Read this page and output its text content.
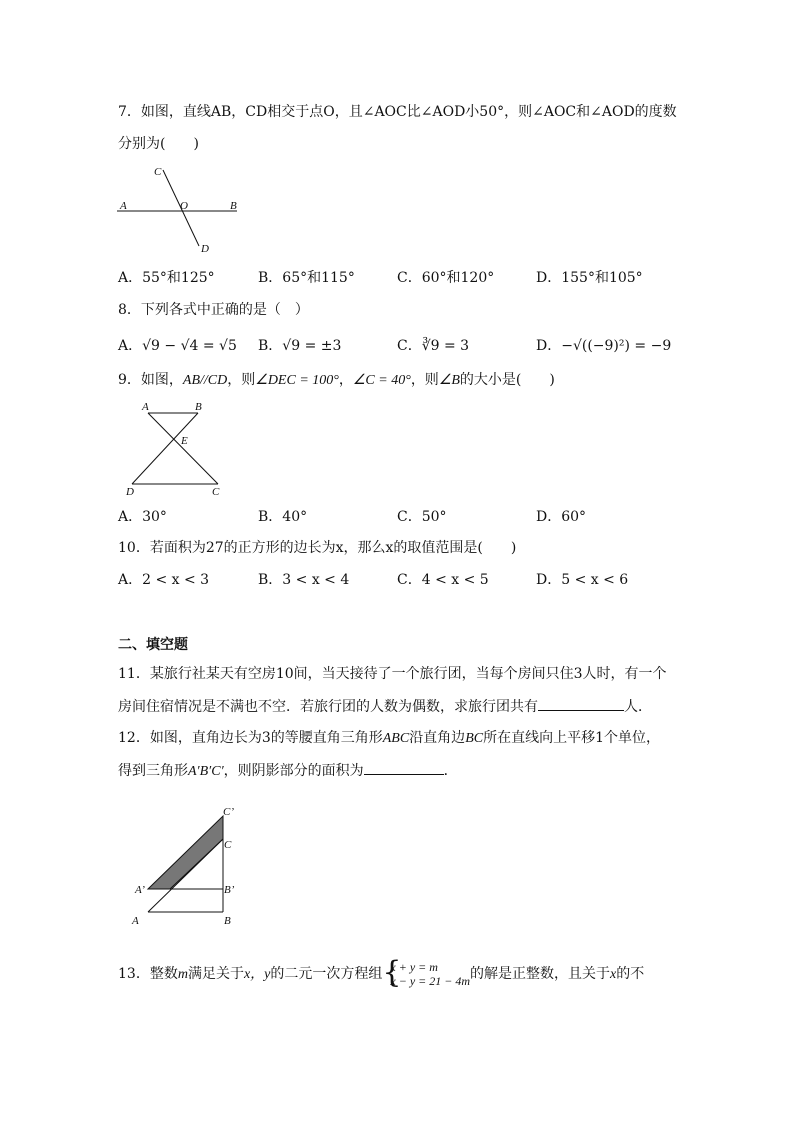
7．如图，直线AB，CD相交于点O，且∠AOC比∠AOD小50°，则∠AOC和∠AOD的度数
分别为(　　)
A	B
C
D
O
A．55°和125°	B．65°和115°	C．60°和120°	D．155°和105°
8．下列各式中正确的是（　）
A．√9 − √4 = √5 B．√9 = ±3	C．∛9 = 3	D．−√((−9)²) = −9
9．如图，AB//CD，则∠DEC = 100°，∠C = 40°，则∠B的大小是(　　)
A	B
D	C
E
A．30°	B．40°	C．50°	D．60°
10．若面积为27的正方形的边长为x，那么x的取值范围是(　　)
A．2 < x < 3	B．3 < x < 4	C．4 < x < 5	D．5 < x < 6
二、填空题
11．某旅行社某天有空房10间，当天接待了一个旅行团，当每个房间只住3人时，有一个
房间住宿情况是不满也不空．若旅行团的人数为偶数，求旅行团共有	人．
12．如图，直角边长为3的等腰直角三角形ABC沿直角边BC所在直线向上平移1个单位，
得到三角形A′B′C′，则阴影部分的面积为	．
C’
C
A’	B’
A	B
13．整数m满足关于x，y的二元一次方程组 {
x + y = m
x − y = 21 − 4m 的解是正整数，且关于x的不
